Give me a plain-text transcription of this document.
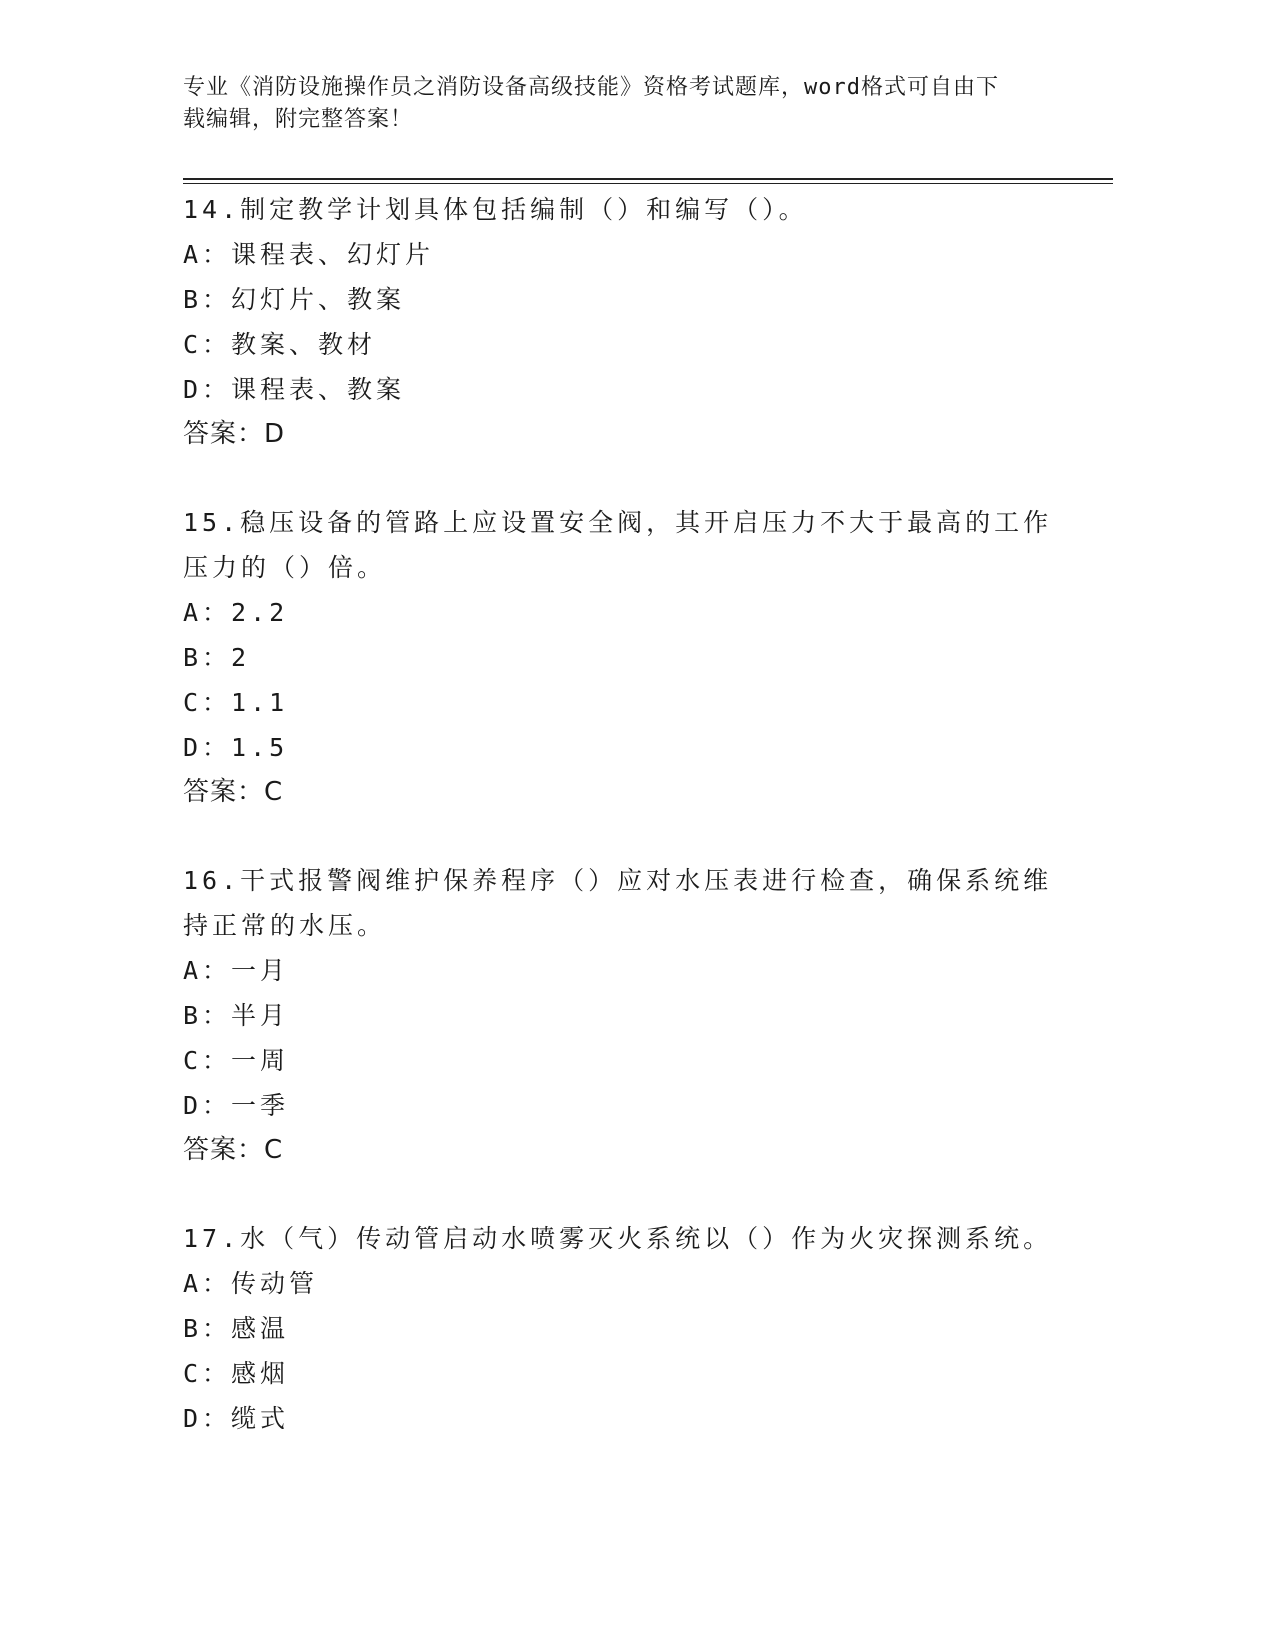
专业《消防设施操作员之消防设备高级技能》资格考试题库，word格式可自由下
载编辑，附完整答案！
14.制定教学计划具体包括编制（）和编写（）。
A：课程表、幻灯片
B：幻灯片、教案
C：教案、教材
D：课程表、教案
答案：D
15.稳压设备的管路上应设置安全阀，其开启压力不大于最高的工作压力的（）倍。
A：2.2
B：2
C：1.1
D：1.5
答案：C
16.干式报警阀维护保养程序（）应对水压表进行检查，确保系统维持正常的水压。
A：一月
B：半月
C：一周
D：一季
答案：C
17.水（气）传动管启动水喷雾灭火系统以（）作为火灾探测系统。
A：传动管
B：感温
C：感烟
D：缆式
